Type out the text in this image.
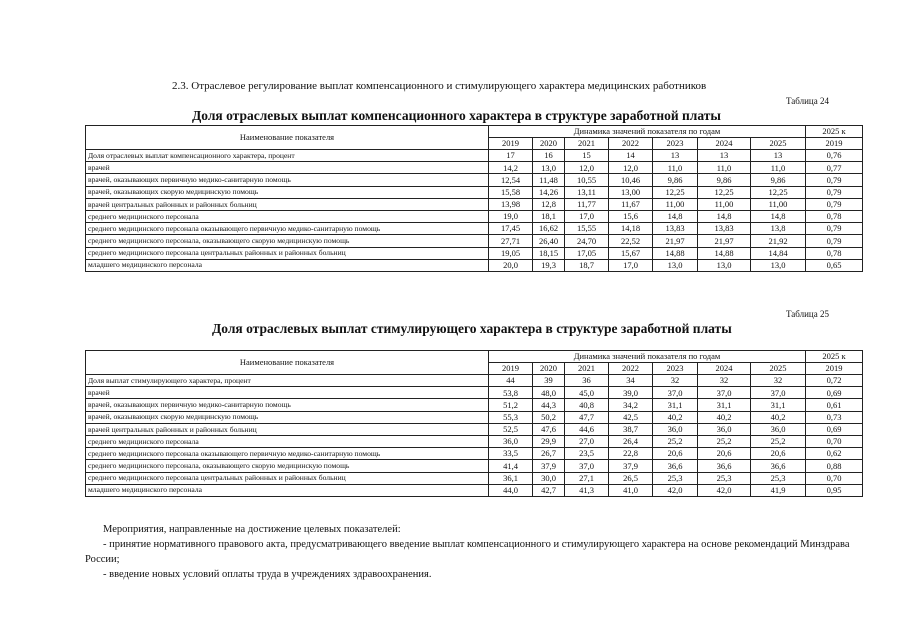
2.3. Отраслевое регулирование выплат компенсационного и стимулирующего характера медицинских работников
Таблица 24
Доля отраслевых выплат компенсационного характера в структуре заработной платы
Наименование показателя	Динамика значений показателя по годам							2025 к
	2019	2020	2021	2022	2023	2024	2025	2019
Доля отраслевых выплат компенсационного характера, процент	17	16	15	14	13	13	13	0,76
врачей	14,2	13,0	12,0	12,0	11,0	11,0	11,0	0,77
врачей, оказывающих первичную медико-санитарную помощь	12,54	11,48	10,55	10,46	9,86	9,86	9,86	0,79
врачей, оказывающих скорую медицинскую помощь	15,58	14,26	13,11	13,00	12,25	12,25	12,25	0,79
врачей центральных районных и районных больниц	13,98	12,8	11,77	11,67	11,00	11,00	11,00	0,79
среднего медицинского персонала	19,0	18,1	17,0	15,6	14,8	14,8	14,8	0,78
среднего медицинского персонала оказывающего первичную медико-санитарную помощь	17,45	16,62	15,55	14,18	13,83	13,83	13,8	0,79
среднего медицинского персонала, оказывающего скорую медицинскую помощь	27,71	26,40	24,70	22,52	21,97	21,97	21,92	0,79
среднего медицинского персонала центральных районных и районных больниц	19,05	18,15	17,05	15,67	14,88	14,88	14,84	0,78
младшего медицинского персонала	20,0	19,3	18,7	17,0	13,0	13,0	13,0	0,65
Таблица 25
Доля отраслевых выплат стимулирующего характера в структуре заработной платы
Наименование показателя	Динамика значений показателя по годам							2025 к
	2019	2020	2021	2022	2023	2024	2025	2019
Доля выплат стимулирующего характера, процент	44	39	36	34	32	32	32	0,72
врачей	53,8	48,0	45,0	39,0	37,0	37,0	37,0	0,69
врачей, оказывающих первичную медико-санитарную помощь	51,2	44,3	40,8	34,2	31,1	31,1	31,1	0,61
врачей, оказывающих скорую медицинскую помощь	55,3	50,2	47,7	42,5	40,2	40,2	40,2	0,73
врачей центральных районных и районных больниц	52,5	47,6	44,6	38,7	36,0	36,0	36,0	0,69
среднего медицинского персонала	36,0	29,9	27,0	26,4	25,2	25,2	25,2	0,70
среднего медицинского персонала оказывающего первичную медико-санитарную помощь	33,5	26,7	23,5	22,8	20,6	20,6	20,6	0,62
среднего медицинского персонала, оказывающего скорую медицинскую помощь	41,4	37,9	37,0	37,9	36,6	36,6	36,6	0,88
среднего медицинского персонала центральных районных и районных больниц	36,1	30,0	27,1	26,5	25,3	25,3	25,3	0,70
младшего медицинского персонала	44,0	42,7	41,3	41,0	42,0	42,0	41,9	0,95

Мероприятия, направленные на достижение целевых показателей:

- принятие нормативного правового акта, предусматривающего введение выплат компенсационного и стимулирующего характера на основе рекомендаций Минздрава России;

- введение новых условий оплаты труда в учреждениях здравоохранения.
